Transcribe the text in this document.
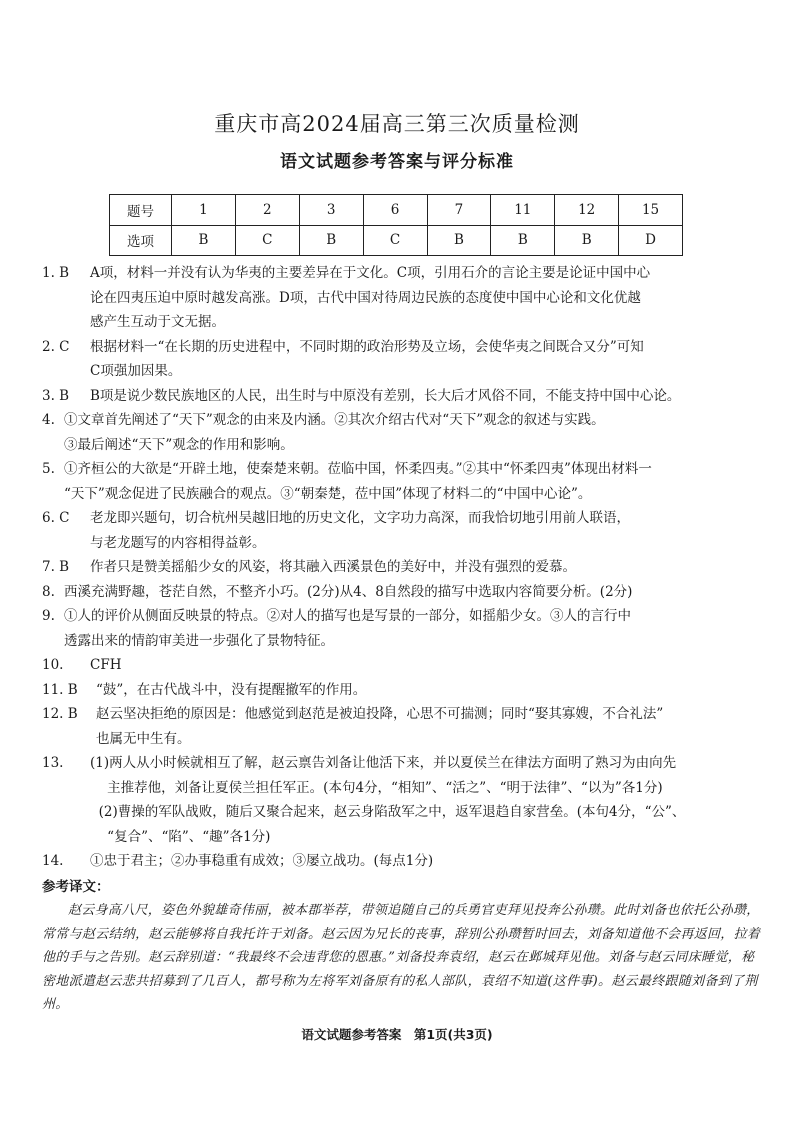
重庆市高2024届高三第三次质量检测
语文试题参考答案与评分标准
题号	1	2	3	6	7	11	12	15
选项	B	C	B	C	B	B	B	D
1. B	A项，材料一并没有认为华夷的主要差异在于文化。C项，引用石介的言论主要是论证中国中心
论在四夷压迫中原时越发高涨。D项，古代中国对待周边民族的态度使中国中心论和文化优越
感产生互动于文无据。
2. C	根据材料一“在长期的历史进程中，不同时期的政治形势及立场，会使华夷之间既合又分”可知
C项强加因果。
3. B	B项是说少数民族地区的人民，出生时与中原没有差别，长大后才风俗不同，不能支持中国中心论。
4. ①文章首先阐述了“天下”观念的由来及内涵。②其次介绍古代对“天下”观念的叙述与实践。
③最后阐述“天下”观念的作用和影响。
5. ①齐桓公的大欲是“开辟土地，使秦楚来朝。莅临中国，怀柔四夷。”②其中“怀柔四夷”体现出材料一
“天下”观念促进了民族融合的观点。③“朝秦楚，莅中国”体现了材料二的“中国中心论”。
6. C	老龙即兴题句，切合杭州吴越旧地的历史文化，文字功力高深，而我恰切地引用前人联语，
与老龙题写的内容相得益彰。
7. B	作者只是赞美摇船少女的风姿，将其融入西溪景色的美好中，并没有强烈的爱慕。
8. 西溪充满野趣，苍茫自然，不整齐小巧。(2分)从4、8自然段的描写中选取内容简要分析。(2分)
9. ①人的评价从侧面反映景的特点。②对人的描写也是写景的一部分，如摇船少女。③人的言行中
透露出来的情韵审美进一步强化了景物特征。
10.	CFH
11. B	“鼓”，在古代战斗中，没有提醒撤军的作用。
12. B	赵云坚决拒绝的原因是：他感觉到赵范是被迫投降，心思不可揣测；同时“娶其寡嫂，不合礼法”
也属无中生有。
13.	(1)两人从小时候就相互了解，赵云禀告刘备让他活下来，并以夏侯兰在律法方面明了熟习为由向先
主推荐他，刘备让夏侯兰担任军正。(本句4分，“相知”、“活之”、“明于法律”、“以为”各1分)
(2)曹操的军队战败，随后又聚合起来，赵云身陷敌军之中，返军退趋自家营垒。(本句4分，“公”、
“复合”、“陷”、“趣”各1分)
14.	①忠于君主；②办事稳重有成效；③屡立战功。(每点1分)
参考译文：
赵云身高八尺，姿色外貌雄奇伟丽，被本郡举荐，带领追随自己的兵勇官吏拜见投奔公孙瓒。此时刘备也依托公孙瓒，常常与赵云结纳，赵云能够将自我托许于刘备。赵云因为兄长的丧事，辞别公孙瓒暂时回去，刘备知道他不会再返回，拉着他的手与之告别。赵云辞别道：“我最终不会违背您的恩惠。”刘备投奔袁绍，赵云在邺城拜见他。刘备与赵云同床睡觉，秘密地派遣赵云悲共招募到了几百人，都号称为左将军刘备原有的私人部队，袁绍不知道(这件事)。赵云最终跟随刘备到了荆州。
语文试题参考答案　第1页(共3页)
